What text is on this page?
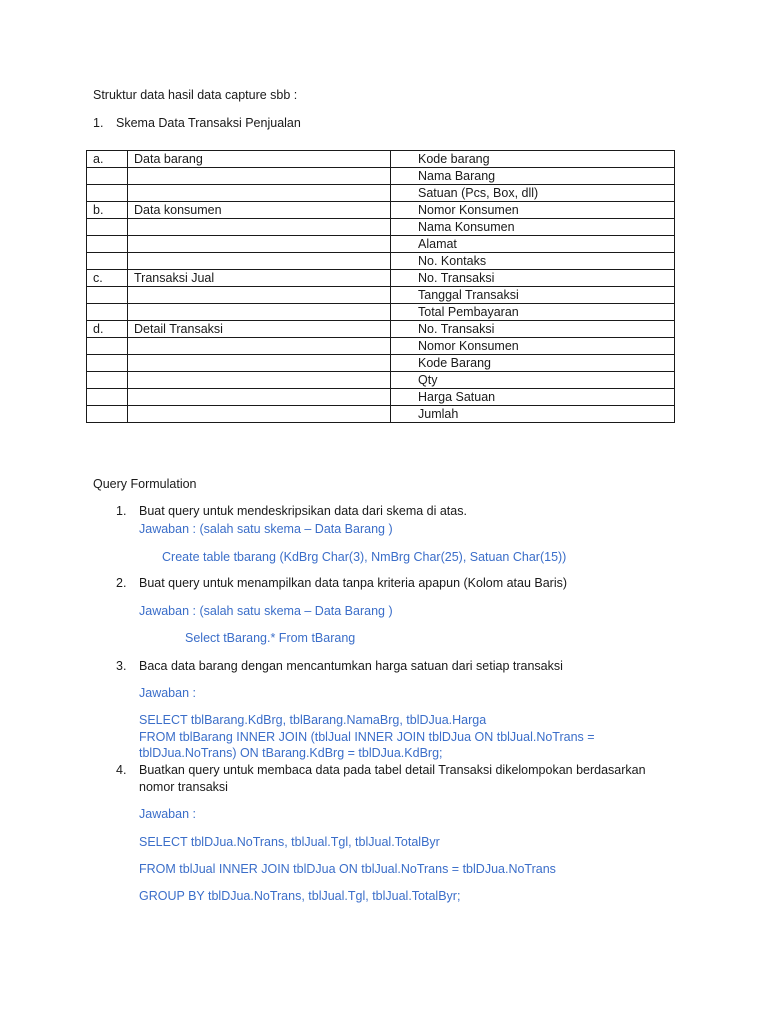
Struktur data hasil data capture sbb :
1. Skema Data Transaksi Penjualan
a.	Data barang	Kode barang
		Nama Barang
		Satuan (Pcs, Box, dll)
b.	Data konsumen	Nomor Konsumen
		Nama Konsumen
		Alamat
		No. Kontaks
c.	Transaksi Jual	No. Transaksi
		Tanggal Transaksi
		Total Pembayaran
d.	Detail Transaksi	No. Transaksi
		Nomor Konsumen
		Kode Barang
		Qty
		Harga Satuan
		Jumlah
Query Formulation
1. Buat query untuk mendeskripsikan data dari skema di atas.
Jawaban : (salah satu skema – Data Barang )
Create table tbarang (KdBrg Char(3), NmBrg Char(25), Satuan Char(15))
2. Buat query untuk menampilkan data tanpa kriteria apapun (Kolom atau Baris)
Jawaban : (salah satu skema – Data Barang )
Select tBarang.* From tBarang
3. Baca data barang dengan mencantumkan harga satuan dari setiap transaksi
Jawaban :
SELECT tblBarang.KdBrg, tblBarang.NamaBrg, tblDJua.Harga
FROM tblBarang INNER JOIN (tblJual INNER JOIN tblDJua ON tblJual.NoTrans =
tblDJua.NoTrans) ON tBarang.KdBrg = tblDJua.KdBrg;
4. Buatkan query untuk membaca data pada tabel detail Transaksi dikelompokan berdasarkan
nomor transaksi
Jawaban :
SELECT tblDJua.NoTrans, tblJual.Tgl, tblJual.TotalByr
FROM tblJual INNER JOIN tblDJua ON tblJual.NoTrans = tblDJua.NoTrans
GROUP BY tblDJua.NoTrans, tblJual.Tgl, tblJual.TotalByr;
